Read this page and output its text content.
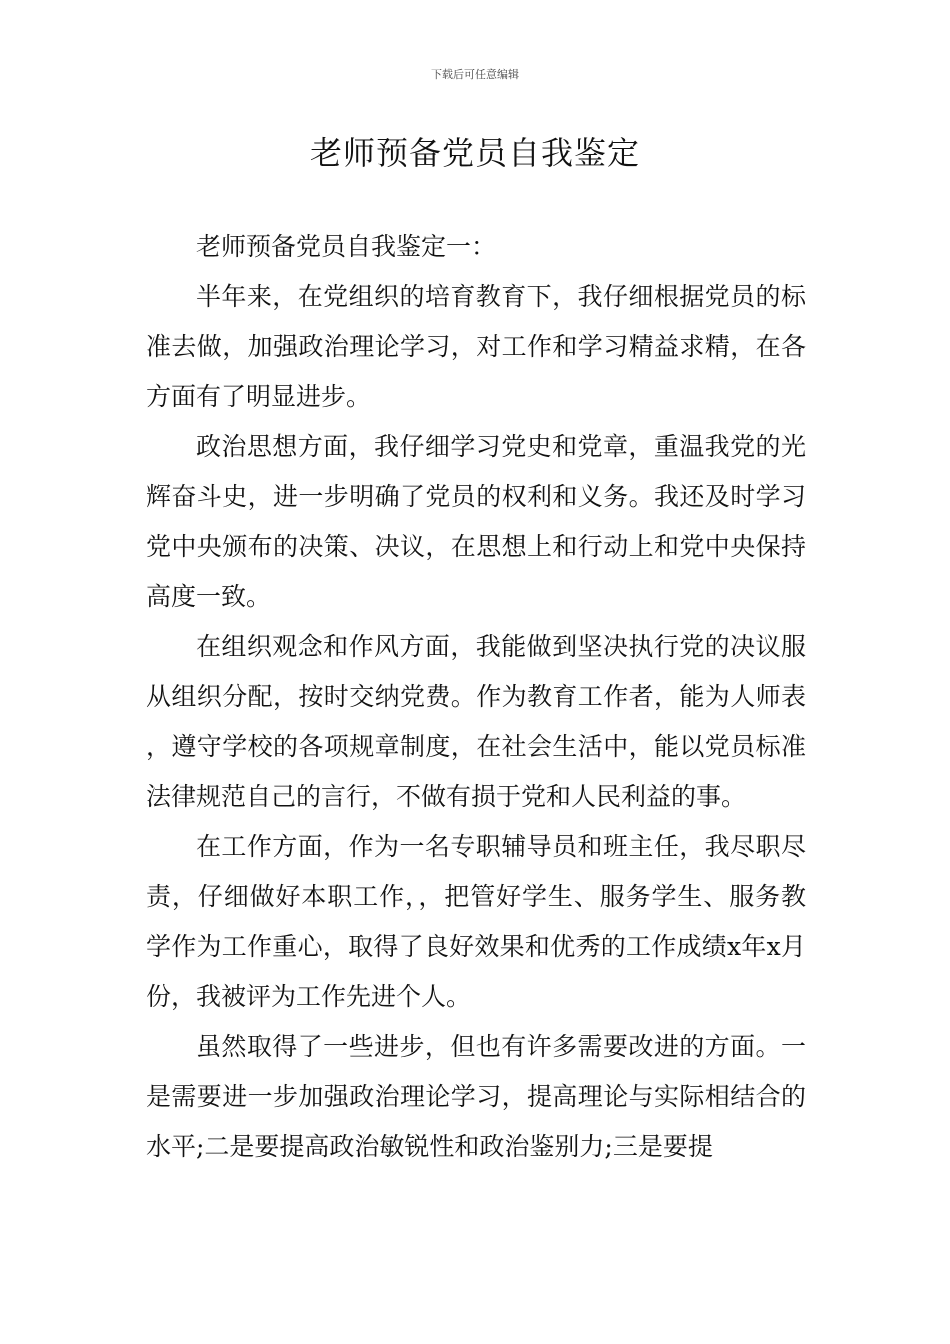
下载后可任意编辑
老师预备党员自我鉴定

老师预备党员自我鉴定一：

半年来，在党组织的培育教育下，我仔细根据党员的标准去做，加强政治理论学习，对工作和学习精益求精，在各方面有了明显进步。

政治思想方面，我仔细学习党史和党章，重温我党的光辉奋斗史，进一步明确了党员的权利和义务。我还及时学习党中央颁布的决策、决议，在思想上和行动上和党中央保持高度一致。

在组织观念和作风方面，我能做到坚决执行党的决议服从组织分配，按时交纳党费。作为教育工作者，能为人师表，遵守学校的各项规章制度，在社会生活中，能以党员标准法律规范自己的言行，不做有损于党和人民利益的事。

在工作方面，作为一名专职辅导员和班主任，我尽职尽责，仔细做好本职工作，，把管好学生、服务学生、服务教学作为工作重心，取得了良好效果和优秀的工作成绩x年x月份，我被评为工作先进个人。

虽然取得了一些进步，但也有许多需要改进的方面。一是需要进一步加强政治理论学习，提高理论与实际相结合的水平;二是要提高政治敏锐性和政治鉴别力;三是要提
